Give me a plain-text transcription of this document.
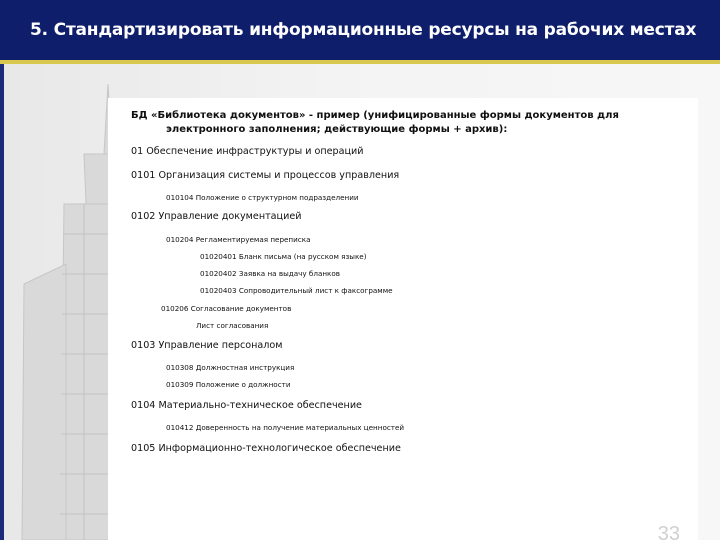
5. Стандартизировать информационные ресурсы на рабочих местах
33
БД «Библиотека документов» - пример (унифицированные формы документов для
электронного заполнения; действующие формы + архив):
01 Обеспечение инфраструктуры и операций
0101 Организация системы и процессов управления
010104 Положение о структурном подразделении
0102 Управление документацией
010204 Регламентируемая переписка
01020401 Бланк письма (на русском языке)
01020402 Заявка на выдачу бланков
01020403 Сопроводительный лист к факсограмме
010206 Согласование документов
Лист согласования
0103 Управление персоналом
010308 Должностная инструкция
010309 Положение о должности
0104 Материально-техническое обеспечение
010412 Доверенность на получение материальных ценностей
0105 Информационно-технологическое обеспечение
